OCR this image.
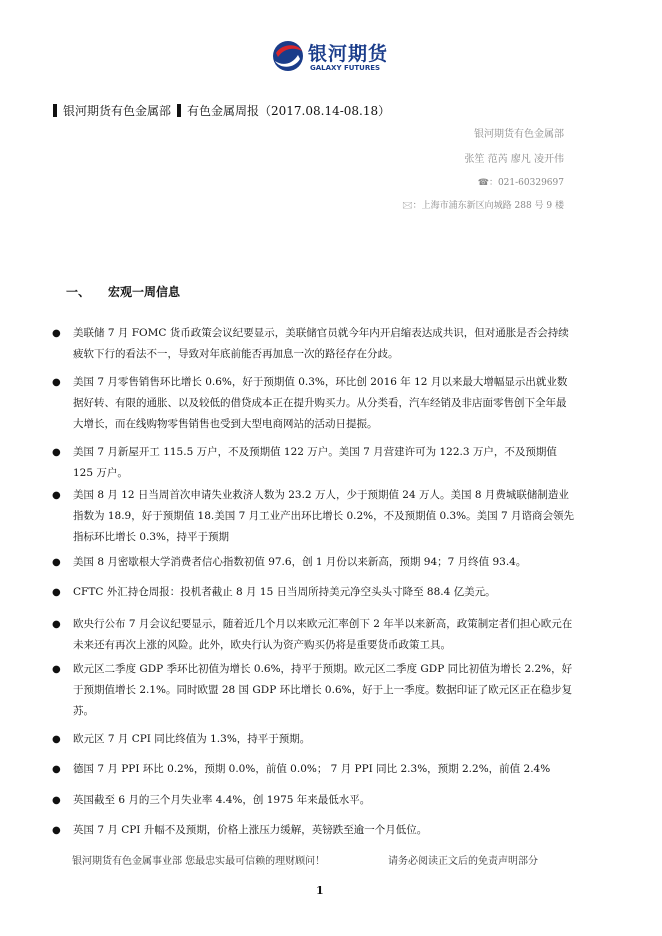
银河期货
GALAXY FUTURES
银河期货有色金属部 有色金属周报（2017.08.14-08.18）
银河期货有色金属部
张笙 范芮 廖凡 凌开伟
☎：021-60329697
🖂：上海市浦东新区向城路 288 号 9 楼
一、 宏观一周信息
● 美联储 7 月 FOMC 货币政策会议纪要显示，美联储官员就今年内开启缩表达成共识，但对通胀是否会持续疲软下行的看法不一，导致对年底前能否再加息一次的路径存在分歧。
● 美国 7 月零售销售环比增长 0.6%，好于预期值 0.3%，环比创 2016 年 12 月以来最大增幅显示出就业数据好转、有限的通胀、以及较低的借贷成本正在提升购买力。从分类看，汽车经销及非店面零售创下全年最大增长，而在线购物零售销售也受到大型电商网站的活动日提振。
● 美国 7 月新屋开工 115.5 万户，不及预期值 122 万户。美国 7 月营建许可为 122.3 万户，不及预期值 125 万户。
● 美国 8 月 12 日当周首次申请失业救济人数为 23.2 万人，少于预期值 24 万人。美国 8 月费城联储制造业指数为 18.9，好于预期值 18.美国 7 月工业产出环比增长 0.2%，不及预期值 0.3%。美国 7 月谘商会领先指标环比增长 0.3%，持平于预期
● 美国 8 月密歇根大学消费者信心指数初值 97.6，创 1 月份以来新高，预期 94；7 月终值 93.4。
● CFTC 外汇持仓周报：投机者截止 8 月 15 日当周所持美元净空头头寸降至 88.4 亿美元。
● 欧央行公布 7 月会议纪要显示，随着近几个月以来欧元汇率创下 2 年半以来新高，政策制定者们担心欧元在未来还有再次上涨的风险。此外，欧央行认为资产购买仍将是重要货币政策工具。
● 欧元区二季度 GDP 季环比初值为增长 0.6%，持平于预期。欧元区二季度 GDP 同比初值为增长 2.2%，好于预期值增长 2.1%。同时欧盟 28 国 GDP 环比增长 0.6%，好于上一季度。数据印证了欧元区正在稳步复苏。
● 欧元区 7 月 CPI 同比终值为 1.3%，持平于预期。
● 德国 7 月 PPI 环比 0.2%，预期 0.0%，前值 0.0%； 7 月 PPI 同比 2.3%，预期 2.2%，前值 2.4%
● 英国截至 6 月的三个月失业率 4.4%，创 1975 年来最低水平。
● 英国 7 月 CPI 升幅不及预期，价格上涨压力缓解，英镑跌至逾一个月低位。
银河期货有色金属事业部 您最忠实最可信赖的理财顾问！	请务必阅读正文后的免责声明部分
1
